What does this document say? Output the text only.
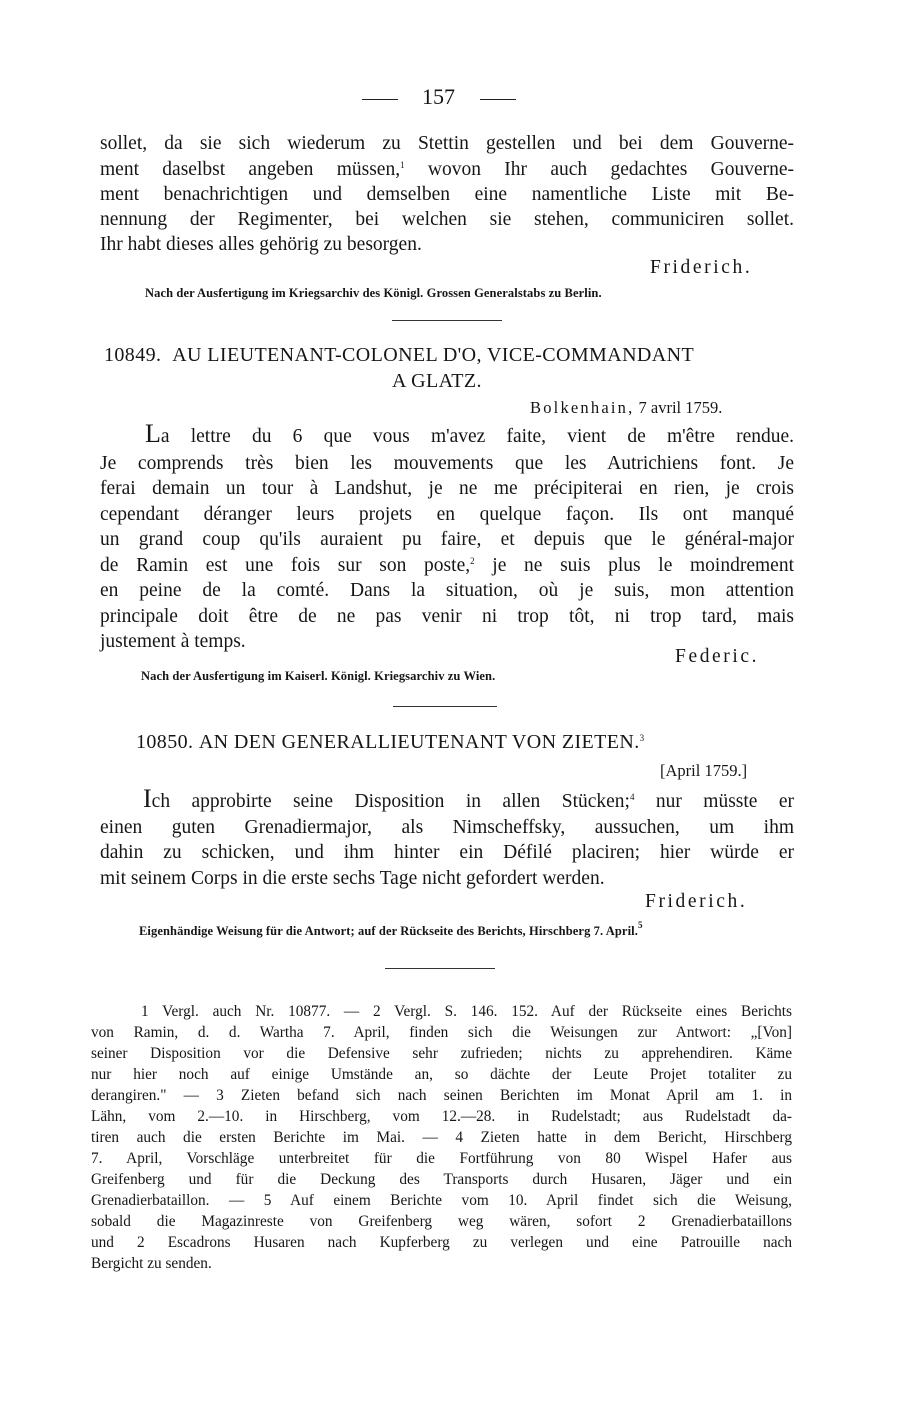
157
sollet, da sie sich wiederum zu Stettin gestellen und bei dem Gouverne-
ment daselbst angeben müssen,$^1$ wovon Ihr auch gedachtes Gouverne-
ment benachrichtigen und demselben eine namentliche Liste mit Be-
nennung der Regimenter, bei welchen sie stehen, communiciren sollet.
Ihr habt dieses alles gehörig zu besorgen.
Friderich.
Nach der Ausfertigung im Kriegsarchiv des Königl. Grossen Generalstabs zu Berlin.
10849. AU LIEUTENANT-COLONEL D'O, VICE-COMMANDANT
A GLATZ.
Bolkenhain, 7 avril 1759.
La lettre du 6 que vous m'avez faite, vient de m'être rendue.
Je comprends très bien les mouvements que les Autrichiens font. Je
ferai demain un tour à Landshut, je ne me précipiterai en rien, je crois
cependant déranger leurs projets en quelque façon. Ils ont manqué
un grand coup qu'ils auraient pu faire, et depuis que le général-major
de Ramin est une fois sur son poste,$^2$ je ne suis plus le moindrement
en peine de la comté. Dans la situation, où je suis, mon attention
principale doit être de ne pas venir ni trop tôt, ni trop tard, mais
justement à temps.
Federic.
Nach der Ausfertigung im Kaiserl. Königl. Kriegsarchiv zu Wien.
10850. AN DEN GENERALLIEUTENANT VON ZIETEN.$^3$
[April 1759.]
Ich approbirte seine Disposition in allen Stücken;$^4$ nur müsste er
einen guten Grenadiermajor, als Nimscheffsky, aussuchen, um ihm
dahin zu schicken, und ihm hinter ein Défilé placiren; hier würde er
mit seinem Corps in die erste sechs Tage nicht gefordert werden.
Friderich.
Eigenhändige Weisung für die Antwort; auf der Rückseite des Berichts, Hirschberg 7. April.$^5$
1 Vergl. auch Nr. 10877. — 2 Vergl. S. 146. 152. Auf der Rückseite eines Berichts
von Ramin, d. d. Wartha 7. April, finden sich die Weisungen zur Antwort: „[Von]
seiner Disposition vor die Defensive sehr zufrieden; nichts zu apprehendiren. Käme
nur hier noch auf einige Umstände an, so dächte der Leute Projet totaliter zu
derangiren." — 3 Zieten befand sich nach seinen Berichten im Monat April am 1. in
Lähn, vom 2.—10. in Hirschberg, vom 12.—28. in Rudelstadt; aus Rudelstadt da-
tiren auch die ersten Berichte im Mai. — 4 Zieten hatte in dem Bericht, Hirschberg
7. April, Vorschläge unterbreitet für die Fortführung von 80 Wispel Hafer aus
Greifenberg und für die Deckung des Transports durch Husaren, Jäger und ein
Grenadierbataillon. — 5 Auf einem Berichte vom 10. April findet sich die Weisung,
sobald die Magazinreste von Greifenberg weg wären, sofort 2 Grenadierbataillons
und 2 Escadrons Husaren nach Kupferberg zu verlegen und eine Patrouille nach
Bergicht zu senden.
